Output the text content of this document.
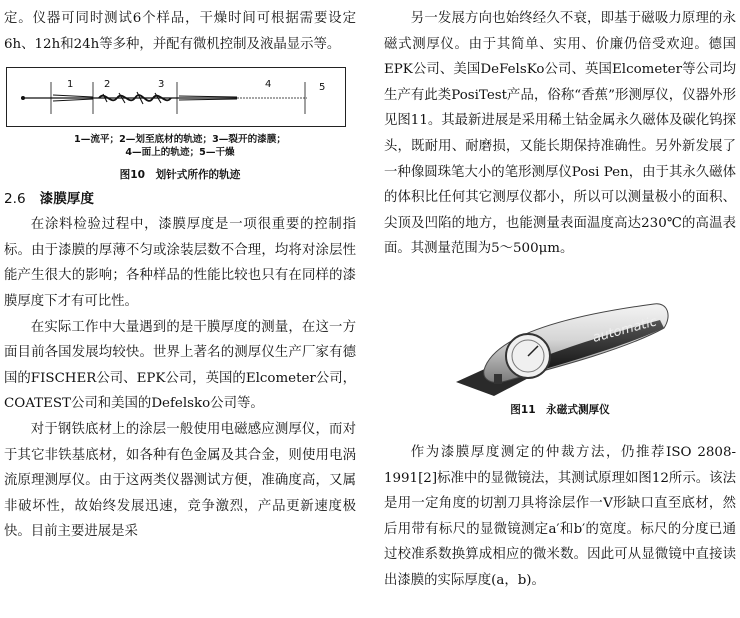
定。仪器可同时测试6个样品，干燥时间可根据需要设定6h、12h和24h等多种，并配有微机控制及液晶显示等。

1	2	3	4	5
1—流平；2—划至底材的轨迹；3—裂开的漆膜；
4—面上的轨迹；5—干燥
图10　划针式所作的轨迹
2.6 漆膜厚度

在涂料检验过程中，漆膜厚度是一项很重要的控制指标。由于漆膜的厚薄不匀或涂装层数不合理，均将对涂层性能产生很大的影响；各种样品的性能比较也只有在同样的漆膜厚度下才有可比性。

在实际工作中大量遇到的是干膜厚度的测量，在这一方面目前各国发展均较快。世界上著名的测厚仪生产厂家有德国的FISCHER公司、EPK公司，英国的Elcometer公司，COATEST公司和美国的Defelsko公司等。

对于钢铁底材上的涂层一般使用电磁感应测厚仪，而对于其它非铁基底材，如各种有色金属及其合金，则使用电涡流原理测厚仪。由于这两类仪器测试方便，准确度高，又属非破坏性，故始终发展迅速，竞争激烈，产品更新速度极快。目前主要进展是采

另一发展方向也始终经久不衰，即基于磁吸力原理的永磁式测厚仪。由于其简单、实用、价廉仍倍受欢迎。德国EPK公司、美国DeFelsKo公司、英国Elcometer等公司均生产有此类PosiTest产品，俗称“香蕉”形测厚仪，仪器外形见图11。其最新进展是采用稀土钴金属永久磁体及碳化钨探头，既耐用、耐磨损，又能长期保持准确性。另外新发展了一种像圆珠笔大小的笔形测厚仪Posi Pen，由于其永久磁体的体积比任何其它测厚仪都小，所以可以测量极小的面积、尖顶及凹陷的地方，也能测量表面温度高达230℃的高温表面。其测量范围为5～500μm。

automatic
图11　永磁式测厚仪

作为漆膜厚度测定的仲裁方法，仍推荐ISO 2808-1991[2]标准中的显微镜法，其测试原理如图12所示。该法是用一定角度的切割刀具将涂层作一V形缺口直至底材，然后用带有标尺的显微镜测定a′和b′的宽度。标尺的分度已通过校准系数换算成相应的微米数。因此可从显微镜中直接读出漆膜的实际厚度(a，b)。
